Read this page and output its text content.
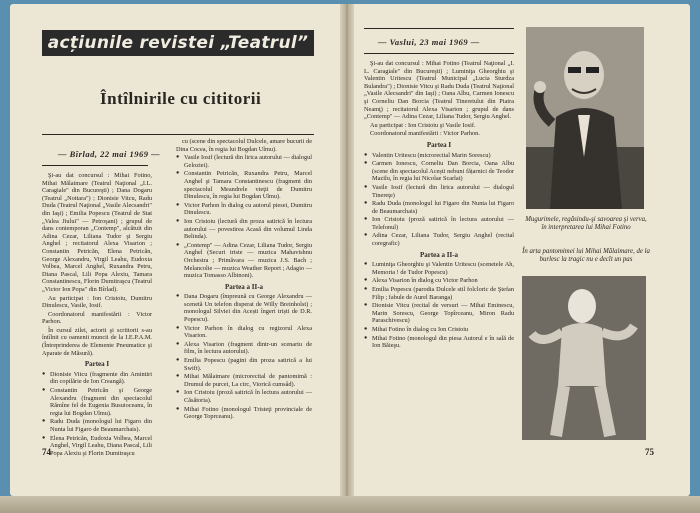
acțiunile revistei „Teatrul”
Întîlnirile cu cititorii
— Bîrlad, 22 mai 1969 —

Şi-au dat concursul : Mihai Fotino, Mihai Mălaimare (Teatrul Naţional „I.L. Caragiale" din Bucureşti) ; Dana Dogaru (Teatrul „Nottara") ; Dionisie Vitcu, Radu Duda (Teatrul Naţional „Vasile Alecsandri" din Iaşi) ; Emilia Popescu (Teatrul de Stat „Valea Jiului" — Petroşani) ; grupul de dans contemporan „Contemp", alcătuit din Adina Cezar, Liliana Tudor şi Sergiu Anghel ; recitatorul Alexa Visarion ; Constantin Petricăn, Elena Petricăn, George Alexandru, Virgil Leahu, Eudoxia Volbea, Marcel Anghel, Ruxandra Petru, Diana Pascal, Lili Popa Alexiu, Tamara Constantinescu, Florin Dumitraşcu (Teatrul „Victor Ion Popa" din Bîrlad).

Au participat : Ion Cristoiu, Dumitru Dinulescu, Vasile, Iosif.

Coordonatorul manifestării : Victor Parhon.

În cursul zilei, actorii şi scriitorii s-au întîlnit cu oamenii muncii de la I.E.P.A.M. (Întreprinderea de Elemente Pneumatice şi Aparate de Măsură).

Partea I

● Dionisie Vitcu (fragmente din Amintiri din copilărie de Ion Creangă).

● Constantin Petricăn şi George Alexandru (fragment din spectacolul Rămîne fel de Eugenia Busuioceanu, în regia lui Bogdan Ulmu).

● Radu Duda (monologul lui Figaro din Nunta lui Figaro de Beaumarchais).

● Elena Petricăn, Eudoxia Volbea, Marcel Anghel, Virgil Leahu, Diana Pascal, Lili Popa Alexiu şi Florin Dumitraşcu

cu (scene din spectacolul Dulcele, amare bucurii de Dina Cocea, în regia lui Bogdan Ulmu).

● Vasile Iosif (lectură din lirica autorului — dialogul Geloziei).

● Constantin Petricăn, Ruxandra Petru, Marcel Anghel şi Tamara Constantinescu (fragment din spectacolul Meandrele vieţii de Dumitru Dinulescu, în regia lui Bogdan Ulmu).

● Victor Parhon în dialog cu autorul piesei, Dumitru Dinulescu.

● Ion Cristoiu (lectură din proza satirică în lectura autorului — povestirea Acasă din volumul Linda Belinda).

● „Contemp" — Adina Cezar, Liliana Tudor, Sergiu Anghel (Securi triste — muzica Mahavishnu Orchestra ; Primăvara — muzica J.S. Bach ; Melancolie — muzica Weather Report ; Adagio — muzica Tomasso Albinoni).

Partea a II-a

● Dana Dogaru (împreună cu George Alexandru — scenetă Un telefon disperat de Willy Breinholst) ; monologul Silviei din Acești îngeri triști de D.R. Popescu).

● Victor Parhon în dialog cu regizorul Alexa Visarion.

● Alexa Visarion (fragment dintr-un scenariu de film, în lectura autorului).

● Emilia Popescu (pagini din proza satirică a lui Swift).

● Mihai Mălaimare (microrecital de pantomimă : Drumul de purcei, La circ, Viorică cumsâd).

● Ion Cristoiu (proză satirică în lectura autorului — Căsătoria).

● Mihai Fotino (monologul Tristeţi provinciale de George Toprceanu).

74
— Vaslui, 23 mai 1969 —

Şi-au dat concursul : Mihai Fotino (Teatrul Naţional „I. L. Caragiale" din Bucureşti) ; Luminiţa Gheorghiu şi Valentin Uritescu (Teatrul Municipal „Lucia Sturdza Bulandra") ; Dionisie Vitcu şi Radu Duda (Teatrul Naţional „Vasile Alecsandri" din Iaşi) ; Oana Albu, Carmen Ionescu şi Corneliu Dan Borcia (Teatrul Tineretului din Piatra Neamţ) ; recitatorul Alexa Visarion ; grupul de dans „Contemp" — Adina Cezar, Liliana Tudor, Sergiu Anghel.

Au participat : Ion Cristoiu şi Vasile Iosif.

Coordonatorul manifestării : Victor Parhon.

Partea I

● Valentin Uritescu (microrecital Marin Sorescu)

● Carmen Ionescu, Corneliu Dan Borcia, Oana Albu (scene din spectacolul Acești nebuni fățarnici de Teodor Mazilu, în regia lui Nicolae Scarlat)

● Vasile Iosif (lectură din lirica autorului — dialogul Tinereţe)

● Radu Duda (monologul lui Figaro din Nunta lui Figaro de Beaumarchais)

● Ion Cristoiu (proză satirică în lectura autorului — Telefonul)

● Adina Cezar, Liliana Tudor, Sergiu Anghel (recital coregrafic)

Partea a II-a

● Luminiţa Gheorghiu şi Valentin Uritescu (scenetele Ah, Memoria ! de Tudor Popescu)

● Alexa Visarion în dialog cu Victor Parhon

● Emilia Popescu (parodia Dulcele stil folcloric de Ştefan Filip ; fabule de Aurel Baranga)

● Dionisie Vitcu (recital de versuri — Mihai Eminescu, Marin Sorescu, George Topîrceanu, Miron Radu Paraschivescu)

● Mihai Fotino în dialog cu Ion Cristoiu

● Mihai Fotino (monologul din piesa Autorul e în sală de Ion Băieşu.

Mugurimele, regăsindu-şi savoarea şi verva, în interpretarea lui Mihai Fotino
În arta pantomimei lui Mihai Mălaimare, de la burlesc la tragic nu e decît un pas
75
